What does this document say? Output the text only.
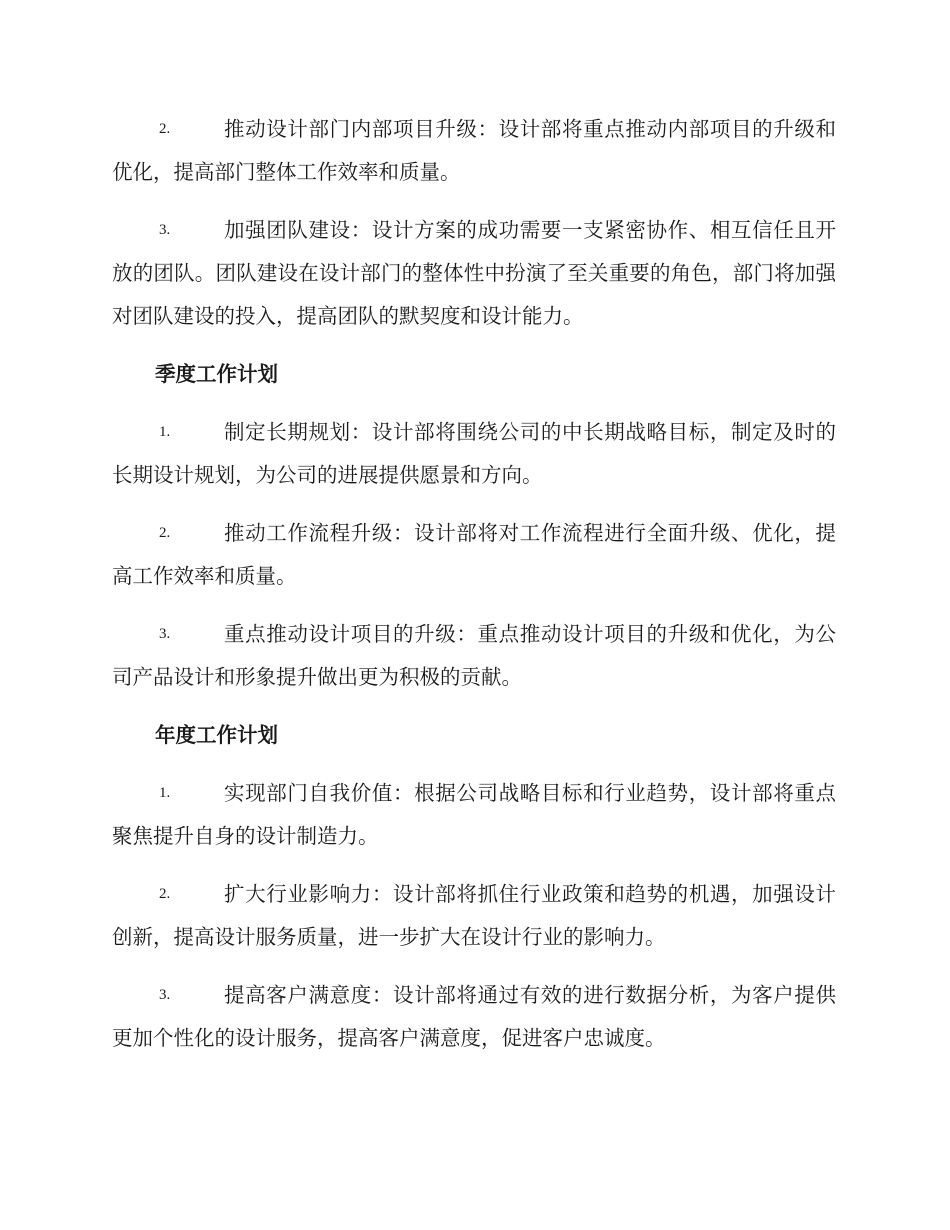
2.	推动设计部门内部项目升级：设计部将重点推动内部项目的升级和优化，提高部门整体工作效率和质量。
3.	加强团队建设：设计方案的成功需要一支紧密协作、相互信任且开放的团队。团队建设在设计部门的整体性中扮演了至关重要的角色，部门将加强对团队建设的投入，提高团队的默契度和设计能力。
季度工作计划
1.	制定长期规划：设计部将围绕公司的中长期战略目标，制定及时的长期设计规划，为公司的进展提供愿景和方向。
2.	推动工作流程升级：设计部将对工作流程进行全面升级、优化，提高工作效率和质量。
3.	重点推动设计项目的升级：重点推动设计项目的升级和优化，为公司产品设计和形象提升做出更为积极的贡献。
年度工作计划
1.	实现部门自我价值：根据公司战略目标和行业趋势，设计部将重点聚焦提升自身的设计制造力。
2.	扩大行业影响力：设计部将抓住行业政策和趋势的机遇，加强设计创新，提高设计服务质量，进一步扩大在设计行业的影响力。
3.	提高客户满意度：设计部将通过有效的进行数据分析，为客户提供更加个性化的设计服务，提高客户满意度，促进客户忠诚度。
